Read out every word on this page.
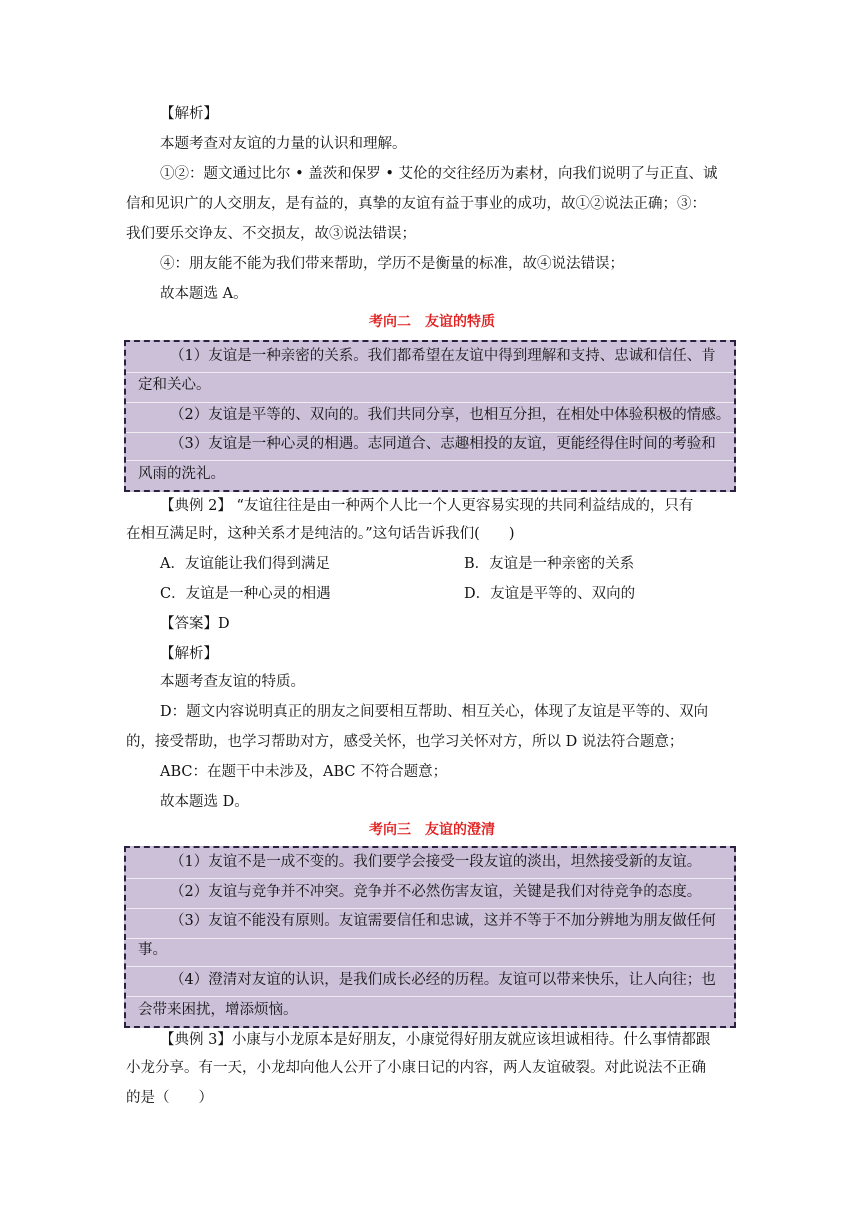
【解析】
本题考查对友谊的力量的认识和理解。
①②：题文通过比尔 • 盖茨和保罗 • 艾伦的交往经历为素材，向我们说明了与正直、诚
信和见识广的人交朋友，是有益的，真挚的友谊有益于事业的成功，故①②说法正确；③：
我们要乐交诤友、不交损友，故③说法错误；
④：朋友能不能为我们带来帮助，学历不是衡量的标准，故④说法错误；
故本题选 A。
考向二　友谊的特质
（1）友谊是一种亲密的关系。我们都希望在友谊中得到理解和支持、忠诚和信任、肯
定和关心。
（2）友谊是平等的、双向的。我们共同分享，也相互分担，在相处中体验积极的情感。
（3）友谊是一种心灵的相遇。志同道合、志趣相投的友谊，更能经得住时间的考验和
风雨的洗礼。
【典例 2】 “友谊往往是由一种两个人比一个人更容易实现的共同利益结成的，只有
在相互满足时，这种关系才是纯洁的。”这句话告诉我们(　　)
A．友谊能让我们得到满足	B．友谊是一种亲密的关系
C．友谊是一种心灵的相遇	D．友谊是平等的、双向的
【答案】D
【解析】
本题考查友谊的特质。
D：题文内容说明真正的朋友之间要相互帮助、相互关心，体现了友谊是平等的、双向
的，接受帮助，也学习帮助对方，感受关怀，也学习关怀对方，所以 D 说法符合题意；
ABC：在题干中未涉及，ABC 不符合题意；
故本题选 D。
考向三　友谊的澄清
（1）友谊不是一成不变的。我们要学会接受一段友谊的淡出，坦然接受新的友谊。
（2）友谊与竞争并不冲突。竞争并不必然伤害友谊，关键是我们对待竞争的态度。
（3）友谊不能没有原则。友谊需要信任和忠诚，这并不等于不加分辨地为朋友做任何
事。
（4）澄清对友谊的认识，是我们成长必经的历程。友谊可以带来快乐，让人向往；也
会带来困扰，增添烦恼。
【典例 3】小康与小龙原本是好朋友，小康觉得好朋友就应该坦诚相待。什么事情都跟
小龙分享。有一天，小龙却向他人公开了小康日记的内容，两人友谊破裂。对此说法不正确
的是（　　）
